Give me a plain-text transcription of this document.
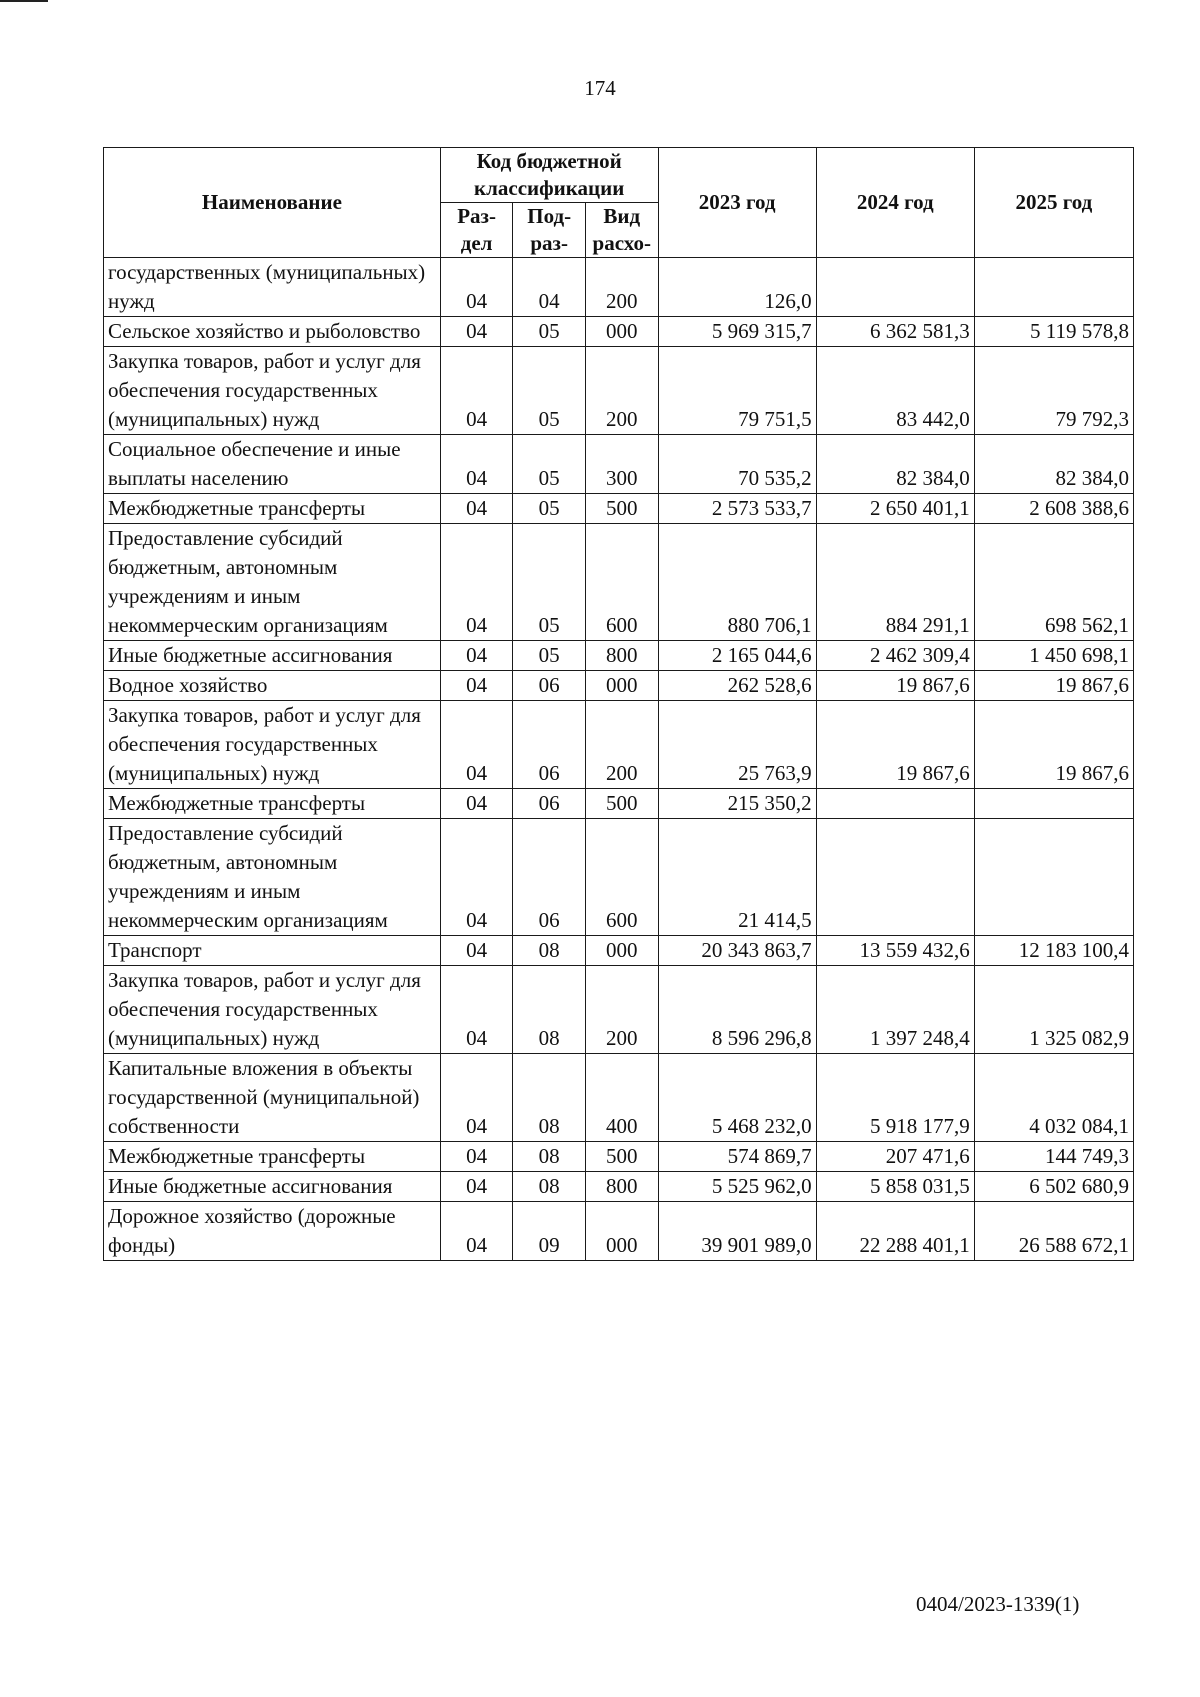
174
Наименование	Код бюджетной классификации			2023 год	2024 год	2025 год
	Раз-дел	Под-раз-	Вид расхо-			
государственных (муниципальных) нужд	04	04	200	126,0		
Сельское хозяйство и рыболовство	04	05	000	5 969 315,7	6 362 581,3	5 119 578,8
Закупка товаров, работ и услуг для обеспечения государственных (муниципальных) нужд	04	05	200	79 751,5	83 442,0	79 792,3
Социальное обеспечение и иные выплаты населению	04	05	300	70 535,2	82 384,0	82 384,0
Межбюджетные трансферты	04	05	500	2 573 533,7	2 650 401,1	2 608 388,6
Предоставление субсидий бюджетным, автономным учреждениям и иным некоммерческим организациям	04	05	600	880 706,1	884 291,1	698 562,1
Иные бюджетные ассигнования	04	05	800	2 165 044,6	2 462 309,4	1 450 698,1
Водное хозяйство	04	06	000	262 528,6	19 867,6	19 867,6
Закупка товаров, работ и услуг для обеспечения государственных (муниципальных) нужд	04	06	200	25 763,9	19 867,6	19 867,6
Межбюджетные трансферты	04	06	500	215 350,2		
Предоставление субсидий бюджетным, автономным учреждениям и иным некоммерческим организациям	04	06	600	21 414,5		
Транспорт	04	08	000	20 343 863,7	13 559 432,6	12 183 100,4
Закупка товаров, работ и услуг для обеспечения государственных (муниципальных) нужд	04	08	200	8 596 296,8	1 397 248,4	1 325 082,9
Капитальные вложения в объекты государственной (муниципальной) собственности	04	08	400	5 468 232,0	5 918 177,9	4 032 084,1
Межбюджетные трансферты	04	08	500	574 869,7	207 471,6	144 749,3
Иные бюджетные ассигнования	04	08	800	5 525 962,0	5 858 031,5	6 502 680,9
Дорожное хозяйство (дорожные фонды)	04	09	000	39 901 989,0	22 288 401,1	26 588 672,1
0404/2023-1339(1)
